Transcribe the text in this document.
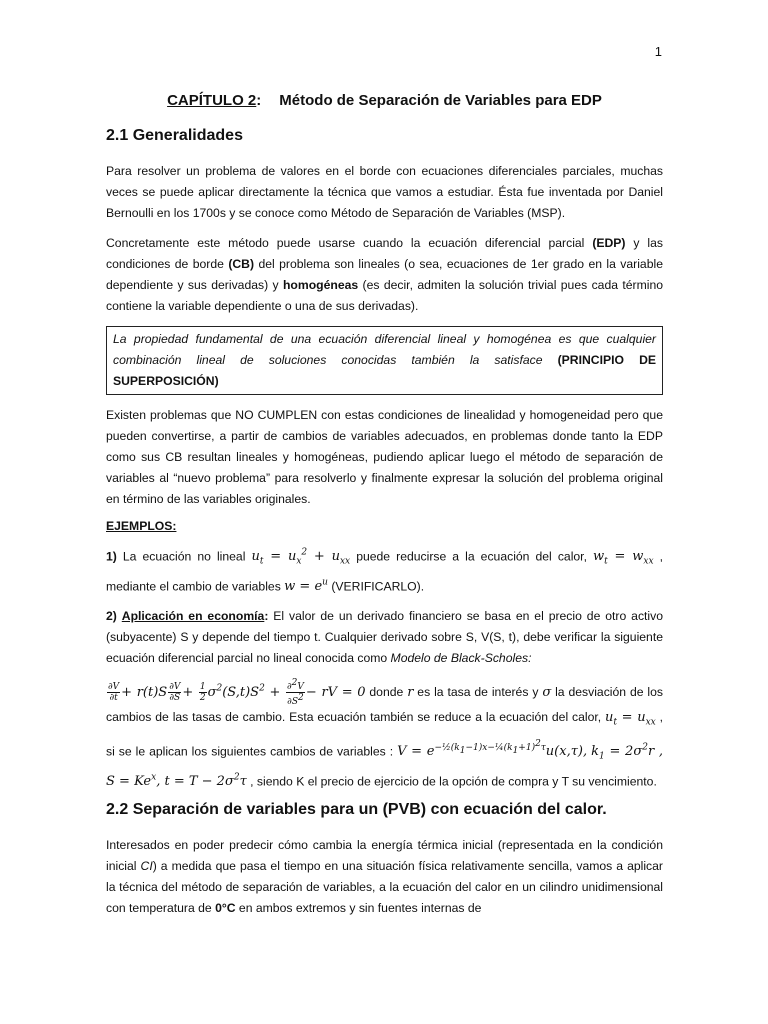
1
CAPÍTULO 2: Método de Separación de Variables para EDP
2.1 Generalidades

Para resolver un problema de valores en el borde con ecuaciones diferenciales parciales, muchas veces se puede aplicar directamente la técnica que vamos a estudiar. Ésta fue inventada por Daniel Bernoulli en los 1700s y se conoce como Método de Separación de Variables (MSP).

Concretamente este método puede usarse cuando la ecuación diferencial parcial (EDP) y las condiciones de borde (CB) del problema son lineales (o sea, ecuaciones de 1er grado en la variable dependiente y sus derivadas) y homogéneas (es decir, admiten la solución trivial pues cada término contiene la variable dependiente o una de sus derivadas).

La propiedad fundamental de una ecuación diferencial lineal y homogénea es que cualquier combinación lineal de soluciones conocidas también la satisface (PRINCIPIO DE SUPERPOSICIÓN)

Existen problemas que NO CUMPLEN con estas condiciones de linealidad y homogeneidad pero que pueden convertirse, a partir de cambios de variables adecuados, en problemas donde tanto la EDP como sus CB resultan lineales y homogéneas, pudiendo aplicar luego el método de separación de variables al “nuevo problema” para resolverlo y finalmente expresar la solución del problema original en término de las variables originales.

EJEMPLOS:

1) La ecuación no lineal $u_t = u_x^2 + u_{xx}$ puede reducirse a la ecuación del calor, $w_t = w_{xx}$ , mediante el cambio de variables $w = e^u$ (VERIFICARLO).

2) Aplicación en economía: El valor de un derivado financiero se basa en el precio de otro activo (subyacente) S y depende del tiempo t. Cualquier derivado sobre S, V(S, t), debe verificar la siguiente ecuación diferencial parcial no lineal conocida como Modelo de Black-Scholes:

$\frac{\partial V}{\partial t} + r(t)S \frac{\partial V}{\partial S} + \frac{1}{2} \sigma^2(S,t)S^2 + \frac{\partial^2V}{\partial S^2}$ − rV = 0 donde r es la tasa de interés y σ la desviación de los cambios de las tasas de cambio. Esta ecuación también se reduce a la ecuación del calor, $u_t = u_{xx}$ , si se le aplican los siguientes cambios de variables : $V = e^{-\frac{1}{2}(k_1-1)x-\frac{1}{4}(k_1+1)^2\tau}u(x,\tau)$, $k_1 = 2\sigma^2r$ , $S = Ke^x$, $t = T - 2\sigma^2\tau$ , siendo K el precio de ejercicio de la opción de compra y T su vencimiento.

2.2 Separación de variables para un (PVB) con ecuación del calor.

Interesados en poder predecir cómo cambia la energía térmica inicial (representada en la condición inicial CI) a medida que pasa el tiempo en una situación física relativamente sencilla, vamos a aplicar la técnica del método de separación de variables, a la ecuación del calor en un cilindro unidimensional con temperatura de 0°C en ambos extremos y sin fuentes internas de
